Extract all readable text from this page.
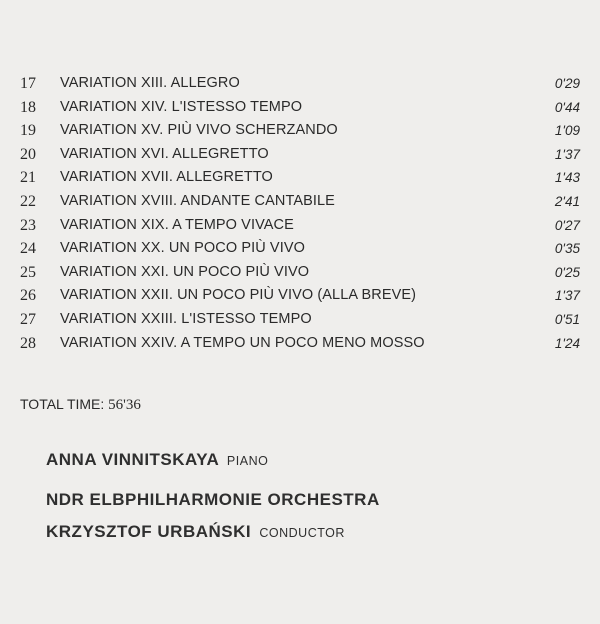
17 VARIATION XIII. ALLEGRO	0'29
18 VARIATION XIV. L'ISTESSO TEMPO	0'44
19 VARIATION XV. PIÙ VIVO SCHERZANDO	1'09
20 VARIATION XVI. ALLEGRETTO	1'37
21 VARIATION XVII. ALLEGRETTO	1'43
22 VARIATION XVIII. ANDANTE CANTABILE	2'41
23 VARIATION XIX. A TEMPO VIVACE	0'27
24 VARIATION XX. UN POCO PIÙ VIVO	0'35
25 VARIATION XXI. UN POCO PIÙ VIVO	0'25
26 VARIATION XXII. UN POCO PIÙ VIVO (ALLA BREVE)	1'37
27 VARIATION XXIII. L'ISTESSO TEMPO	0'51
28 VARIATION XXIV. A TEMPO UN POCO MENO MOSSO	1'24
TOTAL TIME: 56'36
ANNA VINNITSKAYA PIANO
NDR ELBPHILHARMONIE ORCHESTRA
KRZYSZTOF URBAŃSKI CONDUCTOR
